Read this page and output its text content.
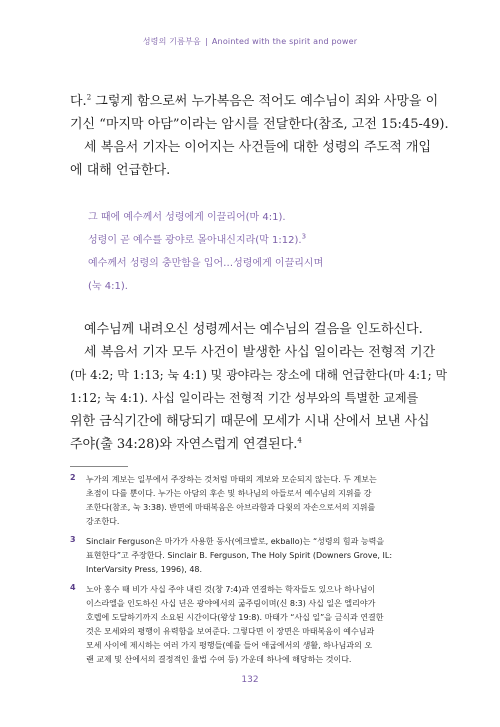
성령의 기름부음 | Anointed with the spirit and power
다.$^2$ 그렇게 함으로써 누가복음은 적어도 예수님이 죄와 사망을 이
기신 “마지막 아담”이라는 암시를 전달한다(참조, 고전 15:45-49).
세 복음서 기자는 이어지는 사건들에 대한 성령의 주도적 개입
에 대해 언급한다.
그 때에 예수께서 성령에게 이끌리어(마 4:1).
성령이 곧 예수를 광야로 몰아내신지라(막 1:12).$^3$
예수께서 성령의 충만함을 입어…성령에게 이끌리시며
(눅 4:1).
예수님께 내려오신 성령께서는 예수님의 걸음을 인도하신다.
세 복음서 기자 모두 사건이 발생한 사십 일이라는 전형적 기간
(마 4:2; 막 1:13; 눅 4:1) 및 광야라는 장소에 대해 언급한다(마 4:1; 막
1:12; 눅 4:1). 사십 일이라는 전형적 기간 성부와의 특별한 교제를
위한 금식기간에 해당되기 때문에 모세가 시내 산에서 보낸 사십
주야(출 34:28)와 자연스럽게 연결된다.$^4$
2 누가의 계보는 일부에서 주장하는 것처럼 마태의 계보와 모순되지 않는다. 두 계보는
초점이 다를 뿐이다. 누가는 아담의 후손 및 하나님의 아들로서 예수님의 지위를 강
조한다(참조, 눅 3:38). 반면에 마태복음은 아브라함과 다윗의 자손으로서의 지위를
강조한다.
3 Sinclair Ferguson은 마가가 사용한 동사(에크발로, ekballo)는 “성령의 힘과 능력을
표현한다”고 주장한다. Sinclair B. Ferguson, The Holy Spirit (Downers Grove, IL:
InterVarsity Press, 1996), 48.
4 노아 홍수 때 비가 사십 주야 내린 것(창 7:4)과 연결하는 학자들도 있으나 하나님이
이스라엘을 인도하신 사십 년은 광야에서의 굶주림이며(신 8:3) 사십 일은 엘리야가
호렙에 도달하기까지 소요된 시간이다(왕상 19:8). 마태가 “사십 일”을 금식과 연결한
것은 모세와의 평행이 유력함을 보여준다. 그렇다면 이 장면은 마태복음이 예수님과
모세 사이에 제시하는 여러 가지 평행들(예를 들어 애굽에서의 생활, 하나님과의 오
랜 교제 및 산에서의 결정적인 율법 수여 등) 가운데 하나에 해당하는 것이다.
132
